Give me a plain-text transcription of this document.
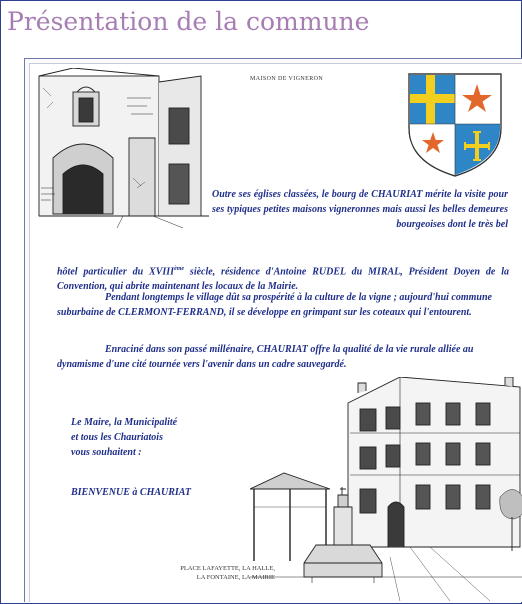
Présentation de la commune
MAISON DE VIGNERON
Outre ses églises classées, le bourg de CHAURIAT mérite la visite pour ses typiques petites maisons vigneronnes mais aussi les belles demeures bourgeoises dont le très bel
hôtel particulier du XVIIIème siècle, résidence d'Antoine RUDEL du MIRAL, Président Doyen de la Convention, qui abrite maintenant les locaux de la Mairie.
Pendant longtemps le village dût sa prospérité à la culture de la vigne ; aujourd'hui commune suburbaine de CLERMONT-FERRAND, il se développe en grimpant sur les coteaux qui l'entourent.
Enraciné dans son passé millénaire, CHAURIAT offre la qualité de la vie rurale alliée au dynamisme d'une cité tournée vers l'avenir dans un cadre sauvegardé.
Le Maire, la Municipalité
et tous les Chauriatois
vous souhaitent :
BIENVENUE à CHAURIAT
PLACE LAFAYETTE, LA HALLE,
LA FONTAINE, LA MAIRIE
